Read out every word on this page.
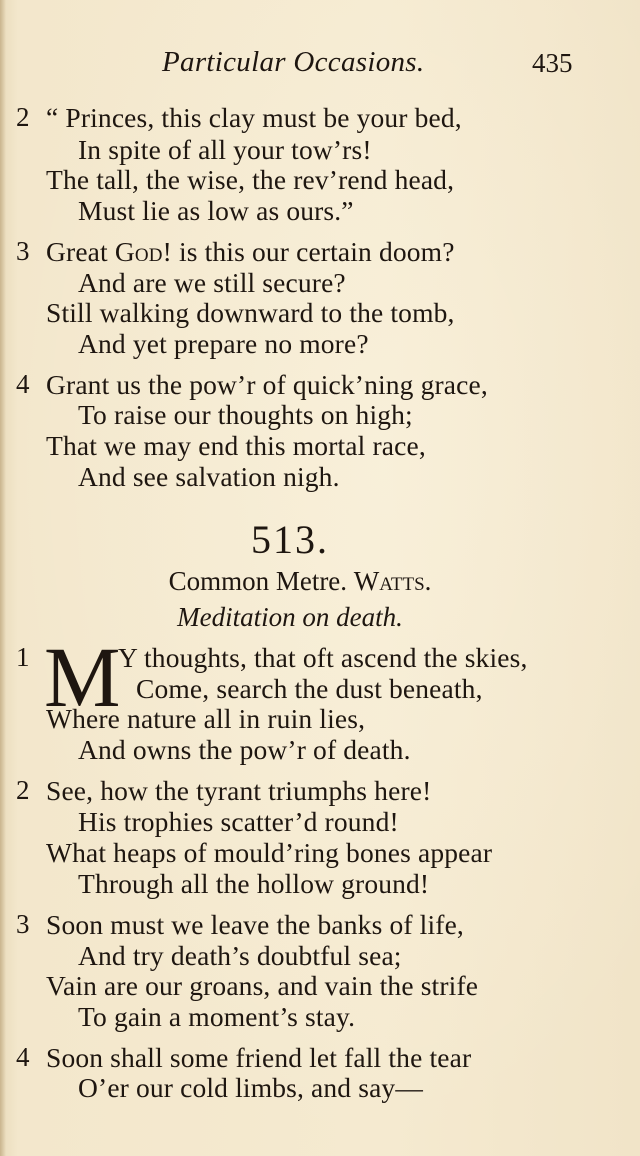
Particular Occasions.	435
2 “ Princes, this clay must be your bed,
In spite of all your tow’rs!
The tall, the wise, the rev’rend head,
Must lie as low as ours.”
3 Great God! is this our certain doom?
And are we still secure?
Still walking downward to the tomb,
And yet prepare no more?
4 Grant us the pow’r of quick’ning grace,
To raise our thoughts on high;
That we may end this mortal race,
And see salvation nigh.
513.
Common Metre. Watts.
Meditation on death.
1 M
Y thoughts, that oft ascend the skies,
Come, search the dust beneath,
Where nature all in ruin lies,
And owns the pow’r of death.
2 See, how the tyrant triumphs here!
His trophies scatter’d round!
What heaps of mould’ring bones appear
Through all the hollow ground!
3 Soon must we leave the banks of life,
And try death’s doubtful sea;
Vain are our groans, and vain the strife
To gain a moment’s stay.
4 Soon shall some friend let fall the tear
O’er our cold limbs, and say—
